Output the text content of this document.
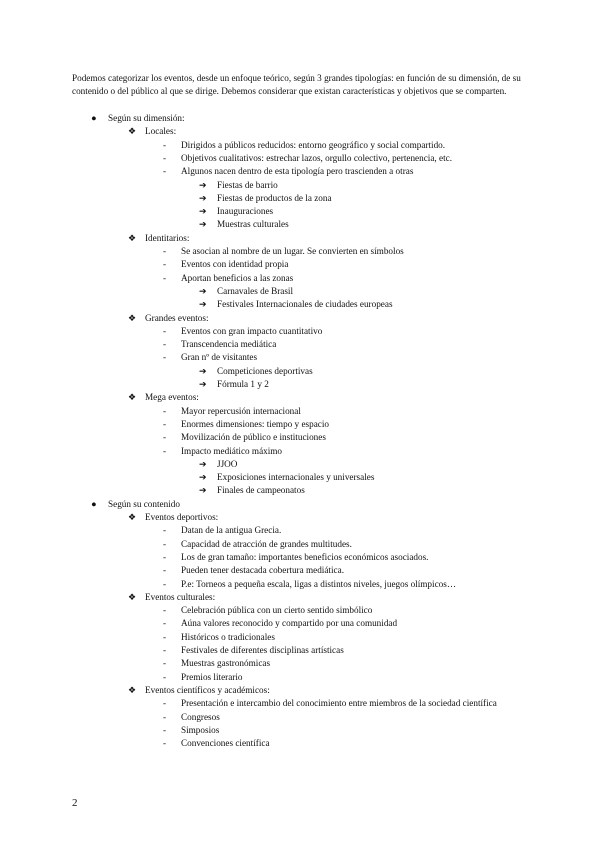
Podemos categorizar los eventos, desde un enfoque teórico, según 3 grandes tipologías: en función de su dimensión, de su contenido o del público al que se dirige. Debemos considerar que existan características y objetivos que se comparten.
● Según su dimensión:
❖ Locales:
- Dirigidos a públicos reducidos: entorno geográfico y social compartido.
- Objetivos cualitativos: estrechar lazos, orgullo colectivo, pertenencia, etc.
- Algunos nacen dentro de esta tipología pero trascienden a otras
➔ Fiestas de barrio
➔ Fiestas de productos de la zona
➔ Inauguraciones
➔ Muestras culturales
❖ Identitarios:
- Se asocian al nombre de un lugar. Se convierten en símbolos
- Eventos con identidad propia
- Aportan beneficios a las zonas
➔ Carnavales de Brasil
➔ Festivales Internacionales de ciudades europeas
❖ Grandes eventos:
- Eventos con gran impacto cuantitativo
- Transcendencia mediática
- Gran nº de visitantes
➔ Competiciones deportivas
➔ Fórmula 1 y 2
❖ Mega eventos:
- Mayor repercusión internacional
- Enormes dimensiones: tiempo y espacio
- Movilización de público e instituciones
- Impacto mediático máximo
➔ JJOO
➔ Exposiciones internacionales y universales
➔ Finales de campeonatos
● Según su contenido
❖ Eventos deportivos:
- Datan de la antigua Grecia.
- Capacidad de atracción de grandes multitudes.
- Los de gran tamaño: importantes beneficios económicos asociados.
- Pueden tener destacada cobertura mediática.
- P.e: Torneos a pequeña escala, ligas a distintos niveles, juegos olímpicos…
❖ Eventos culturales:
- Celebración pública con un cierto sentido simbólico
- Aúna valores reconocido y compartido por una comunidad
- Históricos o tradicionales
- Festivales de diferentes disciplinas artísticas
- Muestras gastronómicas
- Premios literario
❖ Eventos científicos y académicos:
- Presentación e intercambio del conocimiento entre miembros de la sociedad científica
- Congresos
- Simposios
- Convenciones científica
2
